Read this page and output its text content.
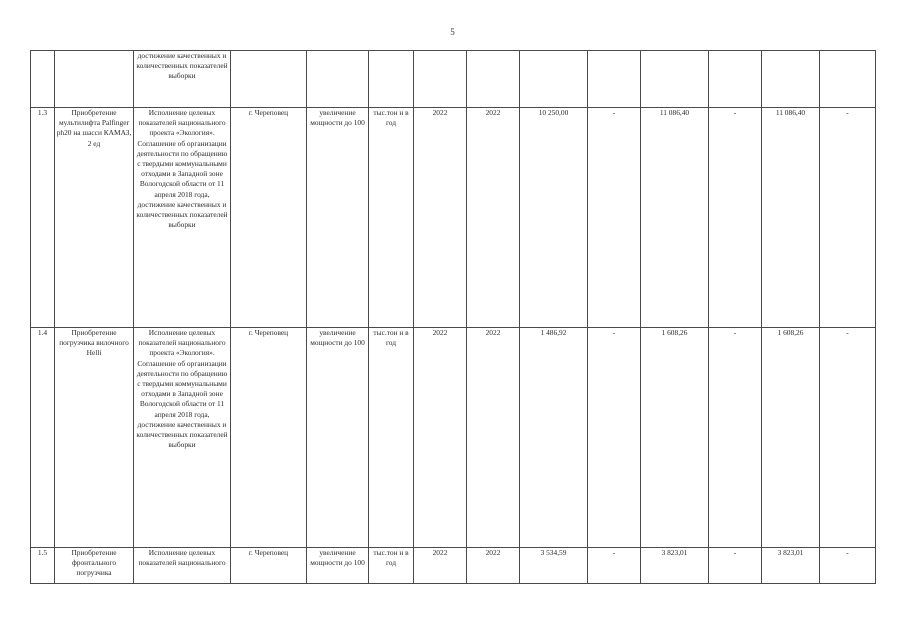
5

		достижение качественных и количественных показателей выборки											

1.3	Приобретение мультилифта Palfinger ph20 на шасси КАМАЗ, 2 ед	Исполнение целевых показателей национального проекта «Экология». Соглашение об организации деятельности по обращению с твердыми коммунальными отходами в Западной зоне Вологодской области от 11 апреля 2018 года, достижение качественных и количественных показателей выборки	г. Череповец	увеличение мощности до 100	тыс.тон н в год	2022	2022	10 250,00	-	11 086,40	-	11 086,40	-
1.4	Приобретение погрузчика вилочного Helli	Исполнение целевых показателей национального проекта «Экология». Соглашение об организации деятельности по обращению с твердыми коммунальными отходами в Западной зоне Вологодской области от 11 апреля 2018 года, достижение качественных и количественных показателей выборки	г. Череповец	увеличение мощности до 100	тыс.тон н в год	2022	2022	1 486,92	-	1 608,26	-	1 608,26	-
1.5	Приобретение фронтального погрузчика	Исполнение целевых показателей национального	г. Череповец	увеличение мощности до 100	тыс.тон н в год	2022	2022	3 534,59	-	3 823,01	-	3 823,01	-
